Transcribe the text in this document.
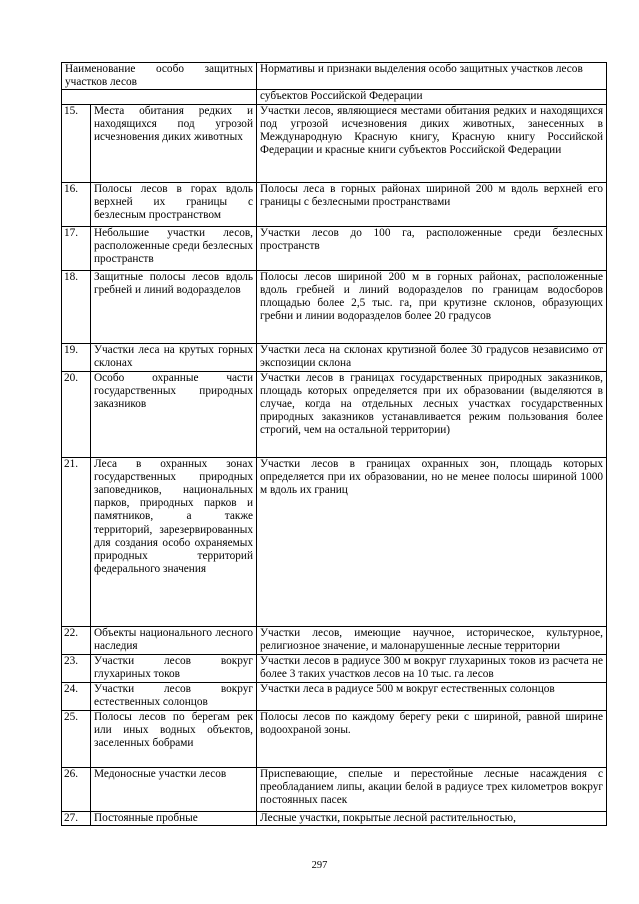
Наименование особо защитных участков лесов		Нормативы и признаки выделения особо защитных участков лесов
		субъектов Российской Федерации
15.	Места обитания редких и находящихся под угрозой исчезновения диких животных	Участки лесов, являющиеся местами обитания редких и находящихся под угрозой исчезновения диких животных, занесенных в Международную Красную книгу, Красную книгу Российской Федерации и красные книги субъектов Российской Федерации
16.	Полосы лесов в горах вдоль верхней их границы с безлесным пространством	Полосы леса в горных районах шириной 200 м вдоль верхней его границы с безлесными пространствами
17.	Небольшие участки лесов, расположенные среди безлесных пространств	Участки лесов до 100 га, расположенные среди безлесных пространств
18.	Защитные полосы лесов вдоль гребней и линий водоразделов	Полосы лесов шириной 200 м в горных районах, расположенные вдоль гребней и линий водоразделов по границам водосборов площадью более 2,5 тыс. га, при крутизне склонов, образующих гребни и линии водоразделов более 20 градусов
19.	Участки леса на крутых горных склонах	Участки леса на склонах крутизной более 30 градусов независимо от экспозиции склона
20.	Особо охранные части государственных природных заказников	Участки лесов в границах государственных природных заказников, площадь которых определяется при их образовании (выделяются в случае, когда на отдельных лесных участках государственных природных заказников устанавливается режим пользования более строгий, чем на остальной территории)
21.	Леса в охранных зонах государственных природных заповедников, национальных парков, природных парков и памятников, а также территорий, зарезервированных для создания особо охраняемых природных территорий федерального значения	Участки лесов в границах охранных зон, площадь которых определяется при их образовании, но не менее полосы шириной 1000 м вдоль их границ
22.	Объекты национального лесного наследия	Участки лесов, имеющие научное, историческое, культурное, религиозное значение, и малонарушенные лесные территории
23.	Участки лесов вокруг глухариных токов	Участки лесов в радиусе 300 м вокруг глухариных токов из расчета не более 3 таких участков лесов на 10 тыс. га лесов
24.	Участки лесов вокруг естественных солонцов	Участки леса в радиусе 500 м вокруг естественных солонцов
25.	Полосы лесов по берегам рек или иных водных объектов, заселенных бобрами	Полосы лесов по каждому берегу реки с шириной, равной ширине водоохраной зоны.
26.	Медоносные участки лесов	Приспевающие, спелые и перестойные лесные насаждения с преобладанием липы, акации белой в радиусе трех километров вокруг постоянных пасек
27.	Постоянные пробные	Лесные участки, покрытые лесной растительностью,
297
